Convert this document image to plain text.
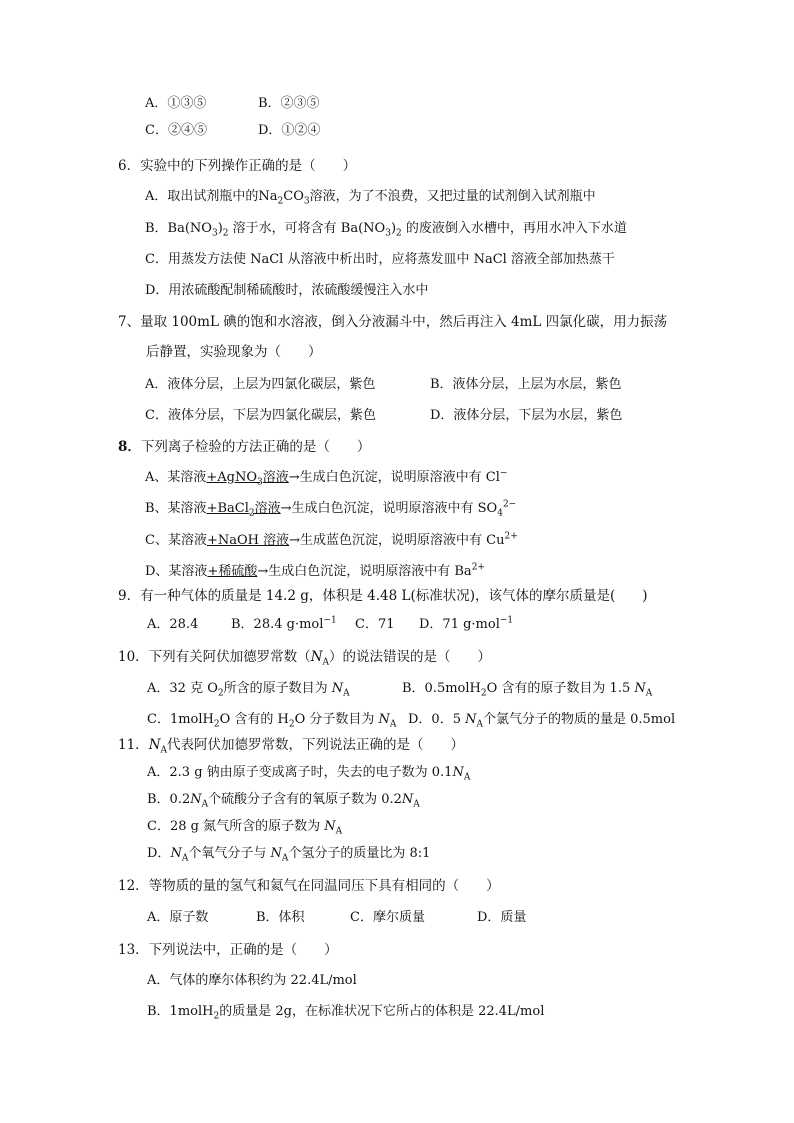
A．①③⑤	B．②③⑤
C．②④⑤	D．①②④
6．实验中的下列操作正确的是（　　）
A．取出试剂瓶中的$Na_2CO_3$溶液，为了不浪费，又把过量的试剂倒入试剂瓶中
B．$Ba(NO_3)_2$ 溶于水，可将含有 $Ba(NO_3)_2$ 的废液倒入水槽中，再用水冲入下水道
C．用蒸发方法使 NaCl 从溶液中析出时，应将蒸发皿中 NaCl 溶液全部加热蒸干
D．用浓硫酸配制稀硫酸时，浓硫酸缓慢注入水中
7、量取 100mL 碘的饱和水溶液，倒入分液漏斗中，然后再注入 4mL 四氯化碳，用力振荡
后静置，实验现象为（　　）
A．液体分层，上层为四氯化碳层，紫色	B．液体分层，上层为水层，紫色
C．液体分层，下层为四氯化碳层，紫色	D．液体分层，下层为水层，紫色
8．下列离子检验的方法正确的是（　　）
A、某溶液+AgNO$_3$溶液→生成白色沉淀，说明原溶液中有 Cl−
B、某溶液+BaCl$_2$溶液→生成白色沉淀，说明原溶液中有 $SO_4^{2-}$
C、某溶液+NaOH 溶液→生成蓝色沉淀，说明原溶液中有 $Cu^{2+}$
D、某溶液+稀硫酸→生成白色沉淀，说明原溶液中有 $Ba^{2+}$
9．有一种气体的质量是 14.2 g，体积是 4.48 L(标准状况)，该气体的摩尔质量是(　　)
A．28.4	B．28.4 g·mol$^{-1}$ C．71 D．71 g·mol$^{-1}$
10．下列有关阿伏加德罗常数$(N_A)$的说法错误的是（　　）
A．32 克 $O_2$所含的原子数目为 $N_A$	B．0.5molH$_2$O 含有的原子数目为 1.5 $N_A$
C．1molH$_2$O 含有的 $H_2O$ 分子数目为 $N_A$ D．0．5 $N_A$个氯气分子的物质的量是 0.5mol
11．$N_A$代表阿伏加德罗常数，下列说法正确的是（　　）
A．2.3 g 钠由原子变成离子时，失去的电子数为 $0.1N_A$
B．$0.2N_A$个硫酸分子含有的氧原子数为 $0.2N_A$
C．28 g 氮气所含的原子数为 $N_A$
D．$N_A$个氧气分子与 $N_A$个氢分子的质量比为 8:1
12．等物质的量的氢气和氦气在同温同压下具有相同的（　　）
A．原子数	B．体积	C．摩尔质量	D．质量
13．下列说法中，正确的是（　　）
A．气体的摩尔体积约为 22.4L/mol
B．1molH$_2$的质量是 2g，在标准状况下它所占的体积是 22.4L/mol
